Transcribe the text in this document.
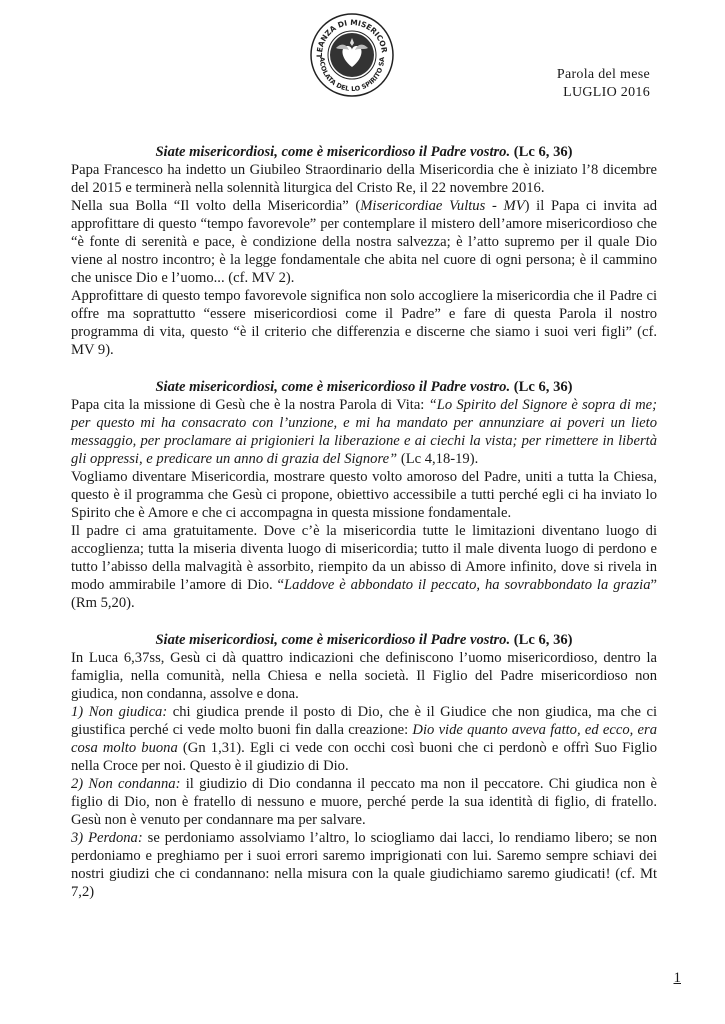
LEANZA DI MISERICOR
ACOLATA DEL LO SPIRITO SA
Parola del mese
LUGLIO 2016

Siate misericordiosi, come è misericordioso il Padre vostro. (Lc 6, 36)

Papa Francesco ha indetto un Giubileo Straordinario della Misericordia che è iniziato l’8 dicembre del 2015 e terminerà nella solennità liturgica del Cristo Re, il 22 novembre 2016.

Nella sua Bolla “Il volto della Misericordia” (Misericordiae Vultus - MV) il Papa ci invita ad approfittare di questo “tempo favorevole” per contemplare il mistero dell’amore misericordioso che “è fonte di serenità e pace, è condizione della nostra salvezza; è l’atto supremo per il quale Dio viene al nostro incontro; è la legge fondamentale che abita nel cuore di ogni persona; è il cammino che unisce Dio e l’uomo... (cf. MV 2).

Approfittare di questo tempo favorevole significa non solo accogliere la misericordia che il Padre ci offre ma soprattutto “essere misericordiosi come il Padre” e fare di questa Parola il nostro programma di vita, questo “è il criterio che differenzia e discerne che siamo i suoi veri figli” (cf. MV 9).

Siate misericordiosi, come è misericordioso il Padre vostro. (Lc 6, 36)

Papa cita la missione di Gesù che è la nostra Parola di Vita: “Lo Spirito del Signore è sopra di me; per questo mi ha consacrato con l’unzione, e mi ha mandato per annunziare ai poveri un lieto messaggio, per proclamare ai prigionieri la liberazione e ai ciechi la vista; per rimettere in libertà gli oppressi, e predicare un anno di grazia del Signore” (Lc 4,18-19).

Vogliamo diventare Misericordia, mostrare questo volto amoroso del Padre, uniti a tutta la Chiesa, questo è il programma che Gesù ci propone, obiettivo accessibile a tutti perché egli ci ha inviato lo Spirito che è Amore e che ci accompagna in questa missione fondamentale.

Il padre ci ama gratuitamente. Dove c’è la misericordia tutte le limitazioni diventano luogo di accoglienza; tutta la miseria diventa luogo di misericordia; tutto il male diventa luogo di perdono e tutto l’abisso della malvagità è assorbito, riempito da un abisso di Amore infinito, dove si rivela in modo ammirabile l’amore di Dio. “Laddove è abbondato il peccato, ha sovrabbondato la grazia” (Rm 5,20).

Siate misericordiosi, come è misericordioso il Padre vostro. (Lc 6, 36)

In Luca 6,37ss, Gesù ci dà quattro indicazioni che definiscono l’uomo misericordioso, dentro la famiglia, nella comunità, nella Chiesa e nella società. Il Figlio del Padre misericordioso non giudica, non condanna, assolve e dona.

1) Non giudica: chi giudica prende il posto di Dio, che è il Giudice che non giudica, ma che ci giustifica perché ci vede molto buoni fin dalla creazione: Dio vide quanto aveva fatto, ed ecco, era cosa molto buona (Gn 1,31). Egli ci vede con occhi così buoni che ci perdonò e offrì Suo Figlio nella Croce per noi. Questo è il giudizio di Dio.

2) Non condanna: il giudizio di Dio condanna il peccato ma non il peccatore. Chi giudica non è figlio di Dio, non è fratello di nessuno e muore, perché perde la sua identità di figlio, di fratello. Gesù non è venuto per condannare ma per salvare.

3) Perdona: se perdoniamo assolviamo l’altro, lo sciogliamo dai lacci, lo rendiamo libero; se non perdoniamo e preghiamo per i suoi errori saremo imprigionati con lui. Saremo sempre schiavi dei nostri giudizi che ci condannano: nella misura con la quale giudichiamo saremo giudicati! (cf. Mt 7,2)

1
